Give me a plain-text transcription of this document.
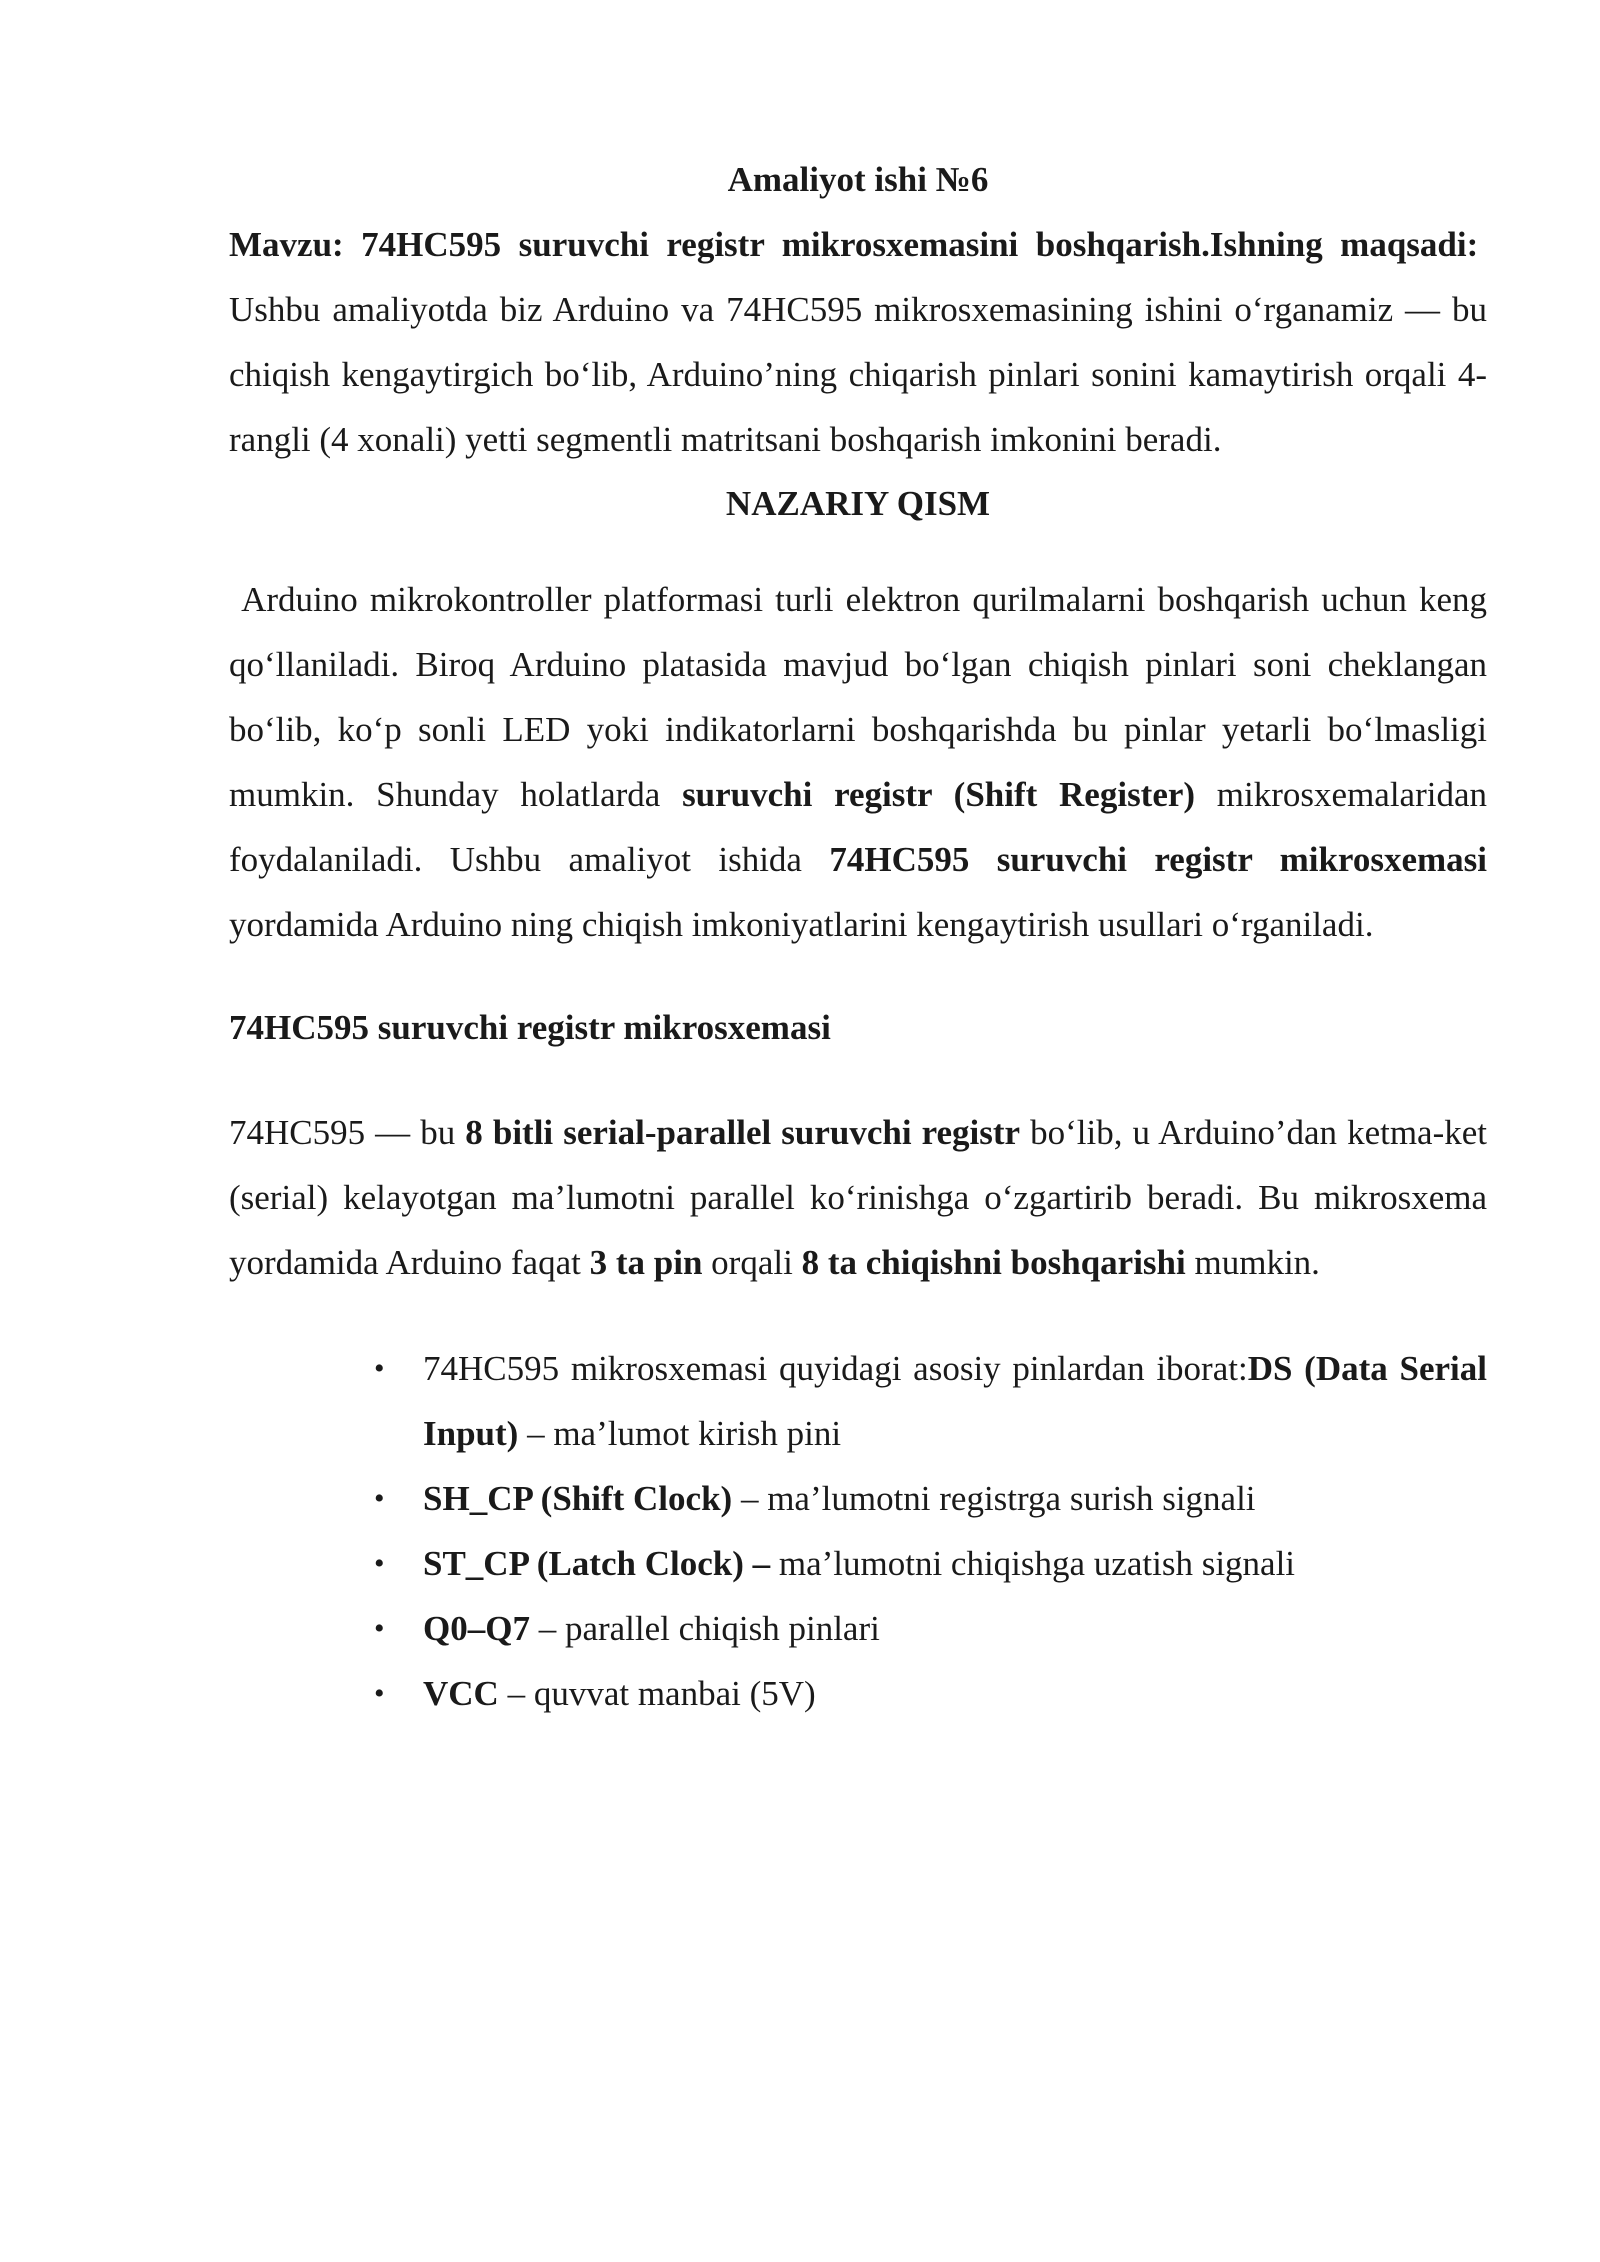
Amaliyot ishi №6

Mavzu: 74HC595 suruvchi registr mikrosxemasini boshqarish.Ishning maqsadi:  Ushbu amaliyotda biz Arduino va 74HC595 mikrosxemasining ishini o‘rganamiz — bu chiqish kengaytirgich bo‘lib, Arduino’ning chiqarish pinlari sonini kamaytirish orqali 4-rangli (4 xonali) yetti segmentli matritsani boshqarish imkonini beradi.

NAZARIY QISM

Arduino mikrokontroller platformasi turli elektron qurilmalarni boshqarish uchun keng qo‘llaniladi. Biroq Arduino platasida mavjud bo‘lgan chiqish pinlari soni cheklangan bo‘lib, ko‘p sonli LED yoki indikatorlarni boshqarishda bu pinlar yetarli bo‘lmasligi mumkin. Shunday holatlarda suruvchi registr (Shift Register) mikrosxemalaridan foydalaniladi. Ushbu amaliyot ishida 74HC595 suruvchi registr mikrosxemasi yordamida Arduino ning chiqish imkoniyatlarini kengaytirish usullari o‘rganiladi.

74HC595 suruvchi registr mikrosxemasi

74HC595 — bu 8 bitli serial-parallel suruvchi registr bo‘lib, u Arduino’dan ketma-ket (serial) kelayotgan ma’lumotni parallel ko‘rinishga o‘zgartirib beradi. Bu mikrosxema yordamida Arduino faqat 3 ta pin orqali 8 ta chiqishni boshqarishi mumkin.

• 74HC595 mikrosxemasi quyidagi asosiy pinlardan iborat:DS (Data Serial Input) – ma’lumot kirish pini
• SH_CP (Shift Clock) – ma’lumotni registrga surish signali
• ST_CP (Latch Clock) – ma’lumotni chiqishga uzatish signali
• Q0–Q7 – parallel chiqish pinlari
• VCC – quvvat manbai (5V)
